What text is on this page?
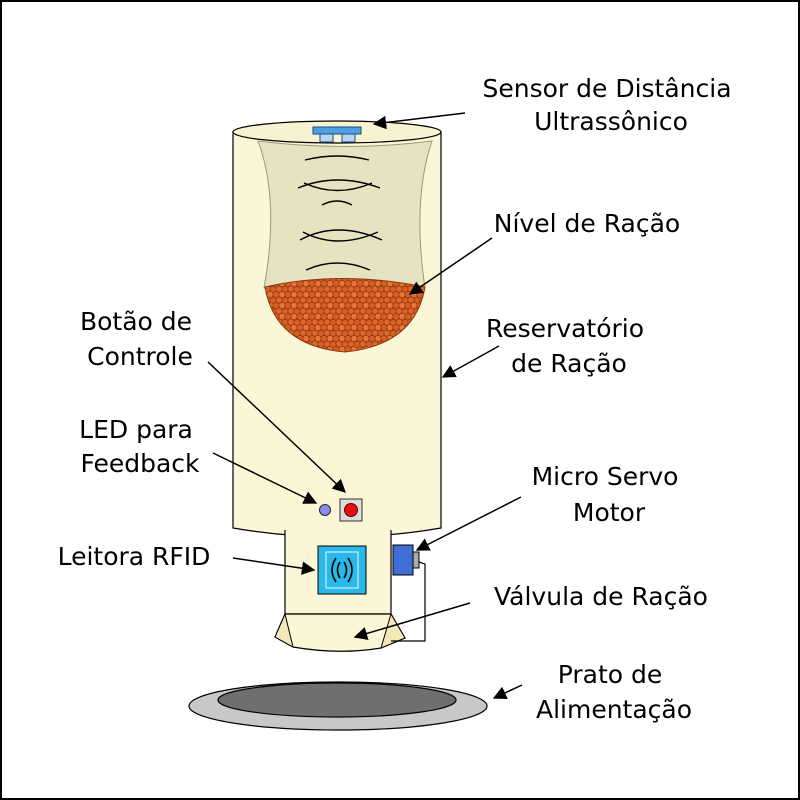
Sensor de Distância Ultrassônico
Nível de Ração
Reservatório de Ração
Botão de Controle
LED para Feedback	Micro Servo Motor
Leitora RFID
Válvula de Ração
Prato de Alimentação
